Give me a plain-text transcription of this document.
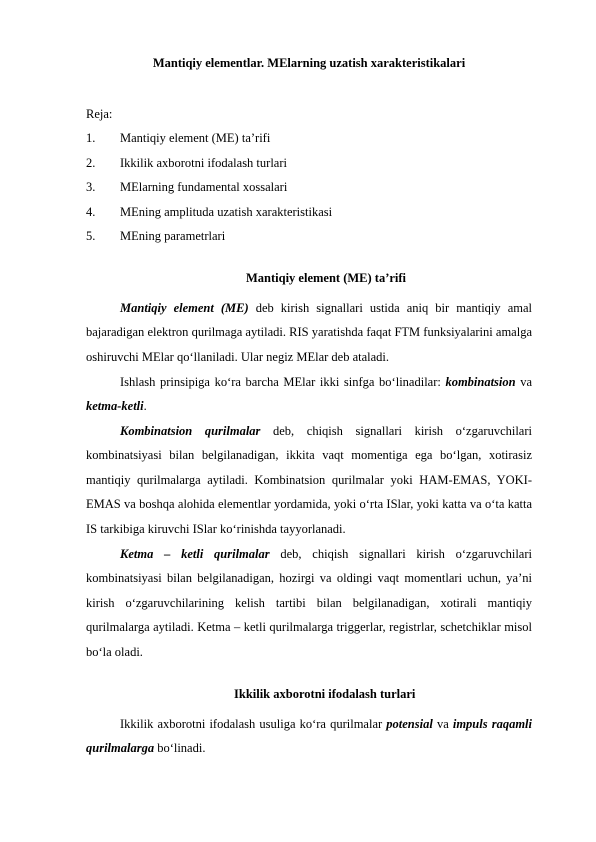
Mantiqiy elementlar. MElarning uzatish xarakteristikalari
Reja:
1. Mantiqiy element (ME) ta’rifi
2. Ikkilik axborotni ifodalash turlari
3. MElarning fundamental xossalari
4. MEning amplituda uzatish xarakteristikasi
5. MEning parametrlari
Mantiqiy element (ME) ta’rifi

Mantiqiy element (ME) deb kirish signallari ustida aniq bir mantiqiy amal bajaradigan elektron qurilmaga aytiladi. RIS yaratishda faqat FTM funksiyalarini amalga oshiruvchi MElar qo‘llaniladi. Ular negiz MElar deb ataladi.

Ishlash prinsipiga ko‘ra barcha MElar ikki sinfga bo‘linadilar: kombinatsion va ketma-ketli.

Kombinatsion qurilmalar deb, chiqish signallari kirish o‘zgaruvchilari kombinatsiyasi bilan belgilanadigan, ikkita vaqt momentiga ega bo‘lgan, xotirasiz mantiqiy qurilmalarga aytiladi. Kombinatsion qurilmalar yoki HAM-EMAS, YOKI-EMAS va boshqa alohida elementlar yordamida, yoki o‘rta ISlar, yoki katta va o‘ta katta IS tarkibiga kiruvchi ISlar ko‘rinishda tayyorlanadi.

Ketma – ketli qurilmalar deb, chiqish signallari kirish o‘zgaruvchilari kombinatsiyasi bilan belgilanadigan, hozirgi va oldingi vaqt momentlari uchun, ya’ni kirish o‘zgaruvchilarining kelish tartibi bilan belgilanadigan, xotirali mantiqiy qurilmalarga aytiladi. Ketma – ketli qurilmalarga triggerlar, registrlar, schetchiklar misol bo‘la oladi.

Ikkilik axborotni ifodalash turlari

Ikkilik axborotni ifodalash usuliga ko‘ra qurilmalar potensial va impuls raqamli qurilmalarga bo‘linadi.
